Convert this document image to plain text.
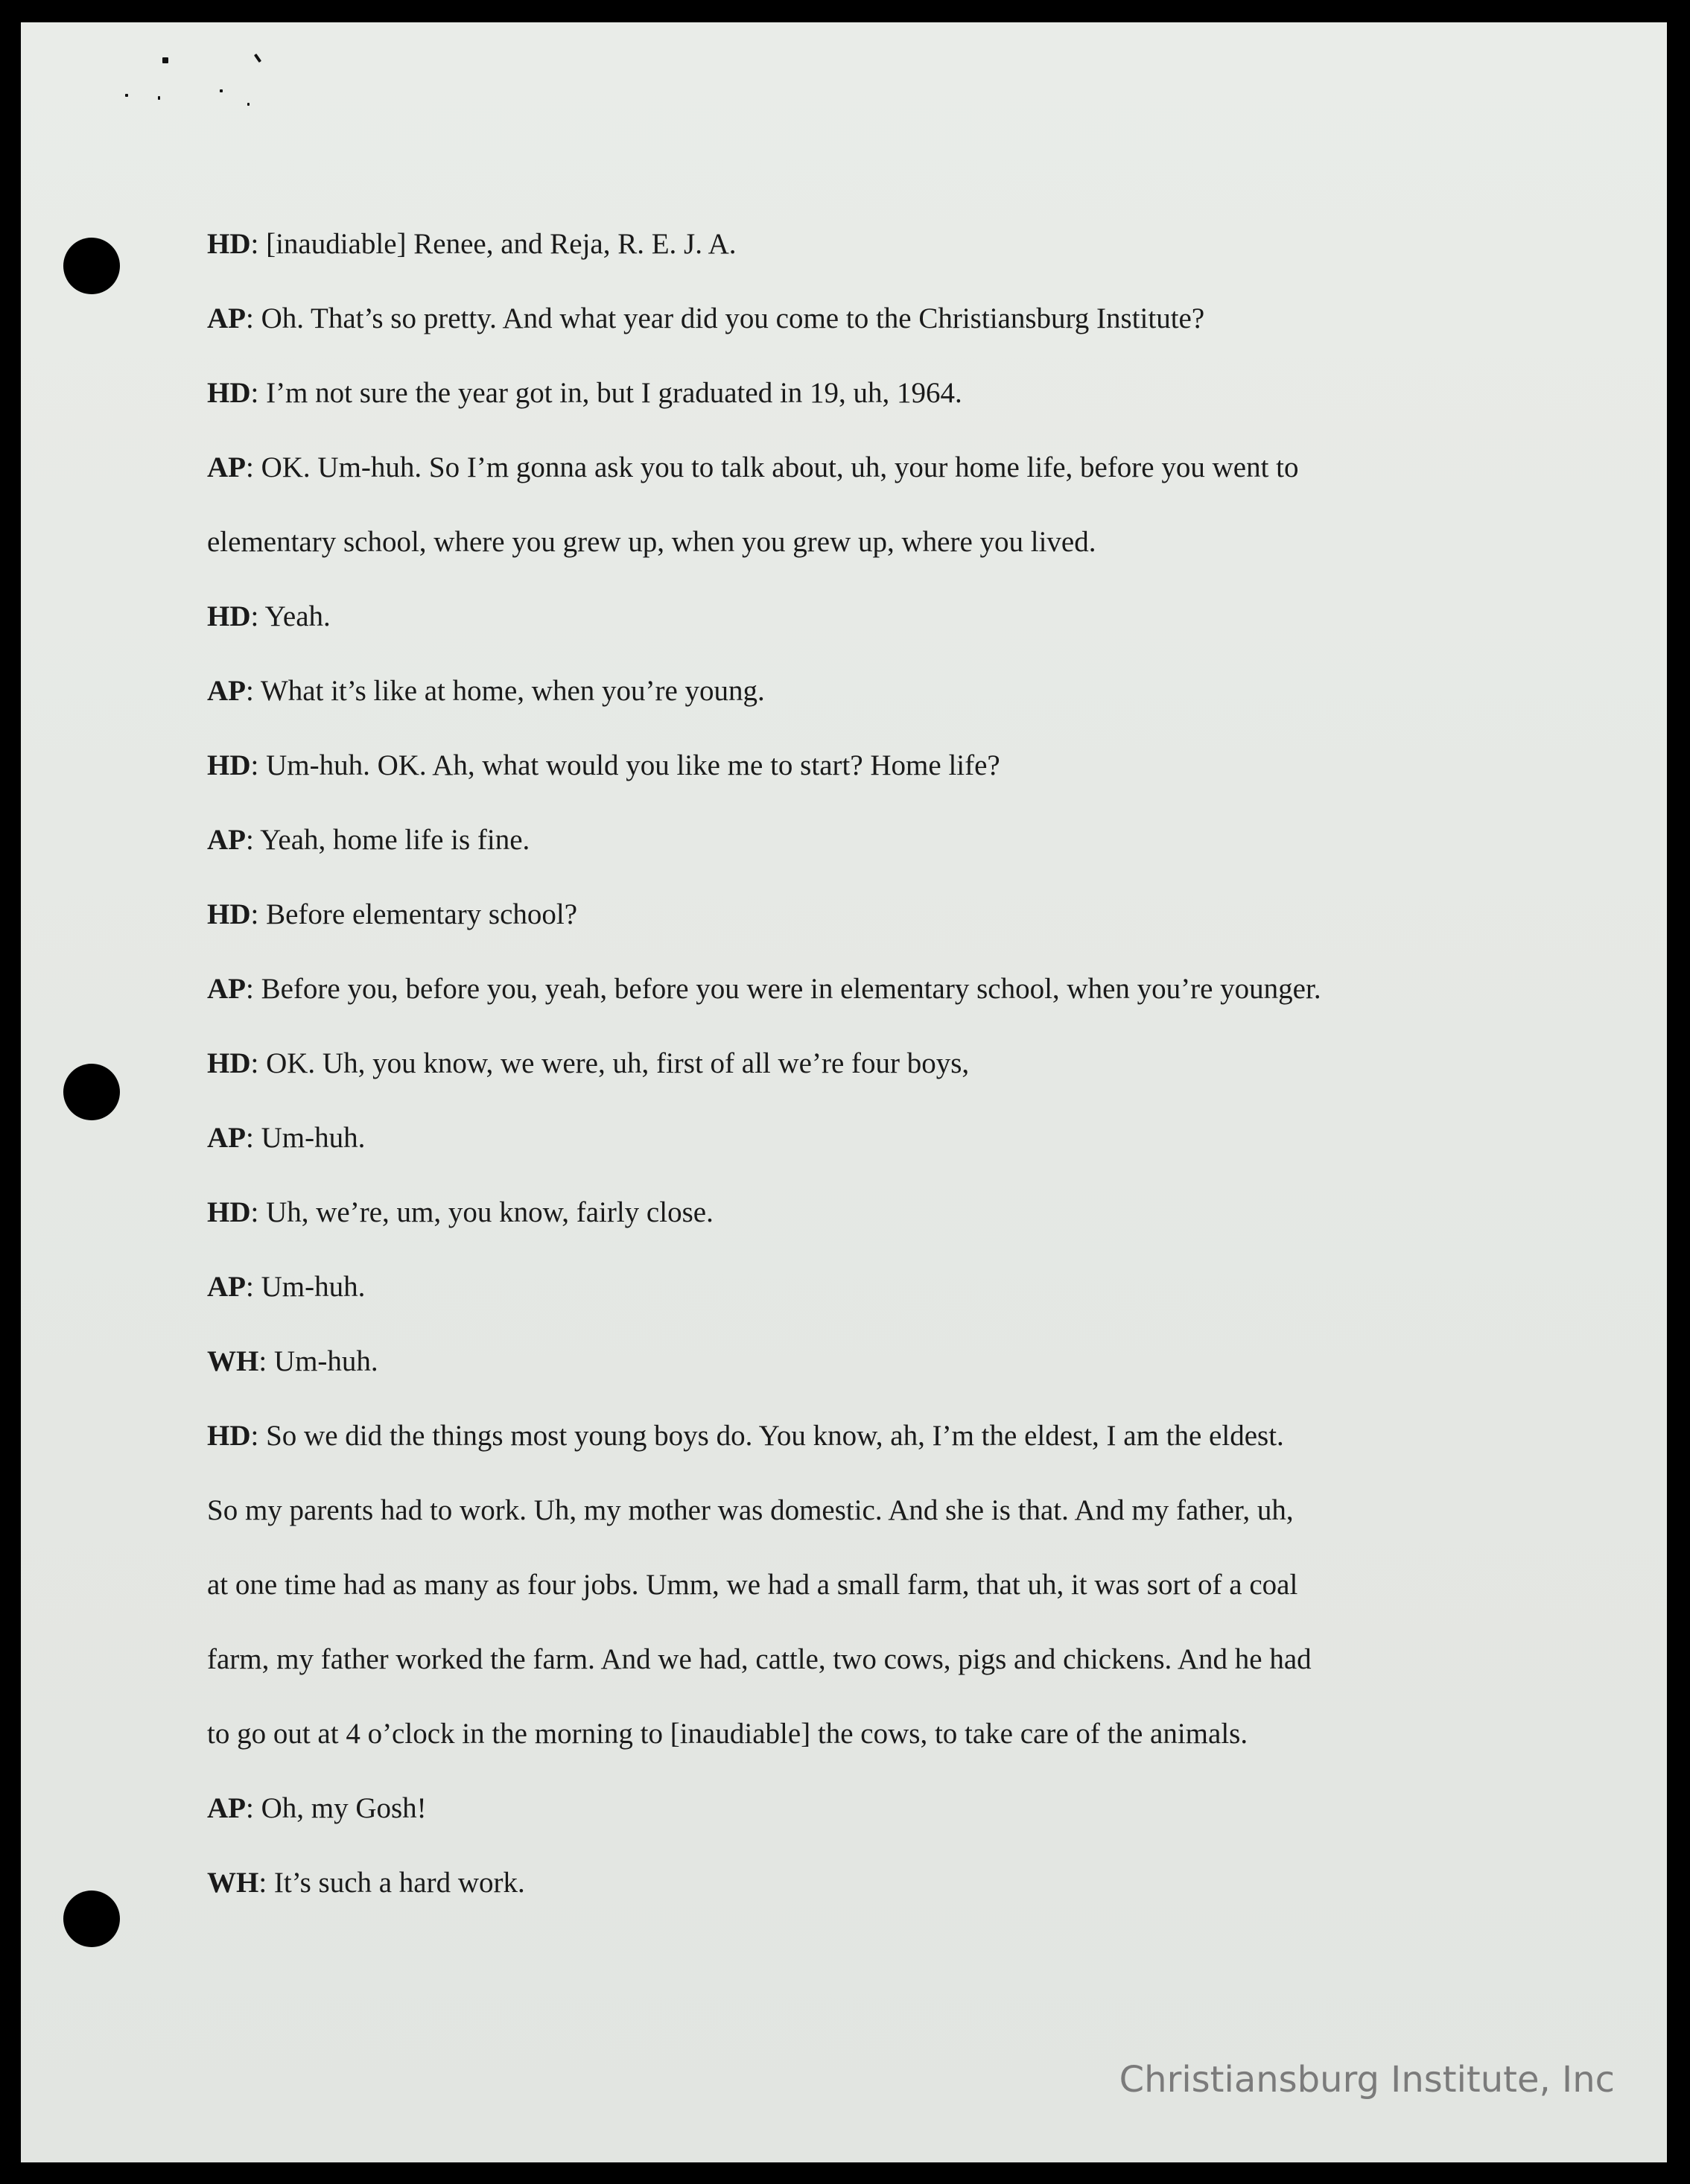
HD: [inaudiable] Renee, and Reja, R. E. J. A.
AP: Oh. That’s so pretty. And what year did you come to the Christiansburg Institute?
HD: I’m not sure the year got in, but I graduated in 19, uh, 1964.
AP: OK. Um-huh. So I’m gonna ask you to talk about, uh, your home life, before you went to
elementary school, where you grew up, when you grew up, where you lived.
HD: Yeah.
AP: What it’s like at home, when you’re young.
HD: Um-huh. OK. Ah, what would you like me to start? Home life?
AP: Yeah, home life is fine.
HD: Before elementary school?
AP: Before you, before you, yeah, before you were in elementary school, when you’re younger.
HD: OK. Uh, you know, we were, uh, first of all we’re four boys,
AP: Um-huh.
HD: Uh, we’re, um, you know, fairly close.
AP: Um-huh.
WH: Um-huh.
HD: So we did the things most young boys do. You know, ah, I’m the eldest, I am the eldest.
So my parents had to work. Uh, my mother was domestic. And she is that. And my father, uh,
at one time had as many as four jobs. Umm, we had a small farm, that uh, it was sort of a coal
farm, my father worked the farm. And we had, cattle, two cows, pigs and chickens. And he had
to go out at 4 o’clock in the morning to [inaudiable] the cows, to take care of the animals.
AP: Oh, my Gosh!
WH: It’s such a hard work.
Christiansburg Institute, Inc
